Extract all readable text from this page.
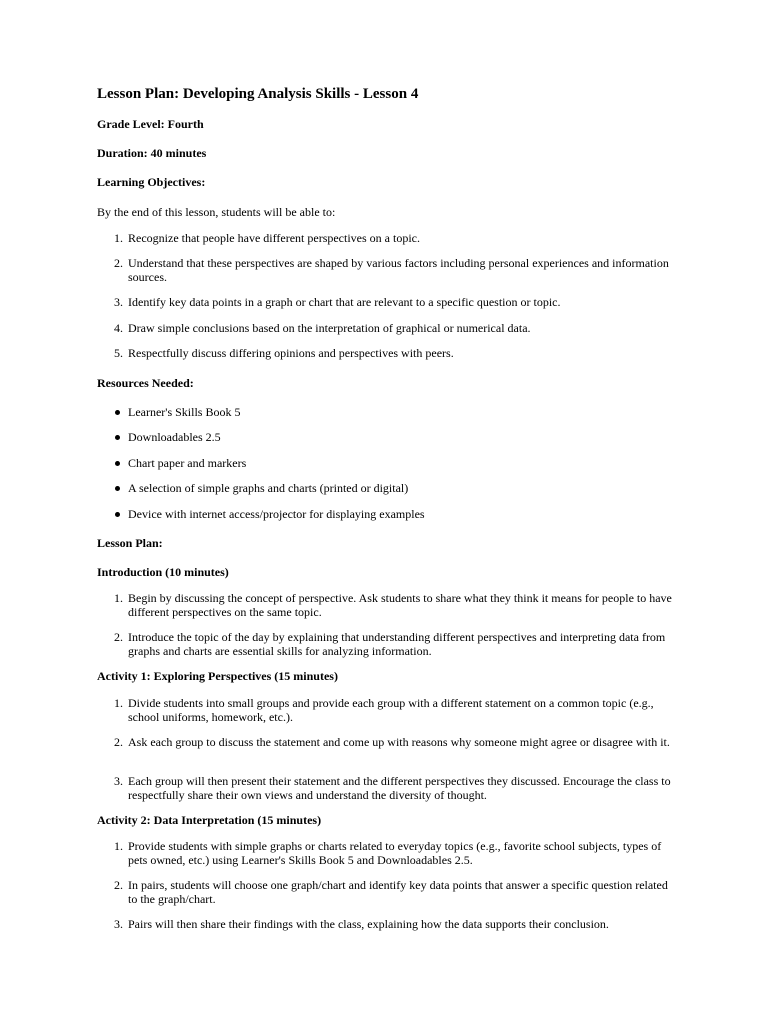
Lesson Plan: Developing Analysis Skills - Lesson 4

Grade Level: Fourth

Duration: 40 minutes

Learning Objectives:

By the end of this lesson, students will be able to:

1. Recognize that people have different perspectives on a topic.
2. Understand that these perspectives are shaped by various factors including personal experiences and information sources.
3. Identify key data points in a graph or chart that are relevant to a specific question or topic.
4. Draw simple conclusions based on the interpretation of graphical or numerical data.
5. Respectfully discuss differing opinions and perspectives with peers.

Resources Needed:

Learner's Skills Book 5
Downloadables 2.5
Chart paper and markers
A selection of simple graphs and charts (printed or digital)
Device with internet access/projector for displaying examples

Lesson Plan:

Introduction (10 minutes)

1. Begin by discussing the concept of perspective. Ask students to share what they think it means for people to have different perspectives on the same topic.
2. Introduce the topic of the day by explaining that understanding different perspectives and interpreting data from graphs and charts are essential skills for analyzing information.

Activity 1: Exploring Perspectives (15 minutes)

1. Divide students into small groups and provide each group with a different statement on a common topic (e.g., school uniforms, homework, etc.).
2. Ask each group to discuss the statement and come up with reasons why someone might agree or disagree with it.
3. Each group will then present their statement and the different perspectives they discussed. Encourage the class to respectfully share their own views and understand the diversity of thought.

Activity 2: Data Interpretation (15 minutes)

1. Provide students with simple graphs or charts related to everyday topics (e.g., favorite school subjects, types of pets owned, etc.) using Learner's Skills Book 5 and Downloadables 2.5.
2. In pairs, students will choose one graph/chart and identify key data points that answer a specific question related to the graph/chart.
3. Pairs will then share their findings with the class, explaining how the data supports their conclusion.
